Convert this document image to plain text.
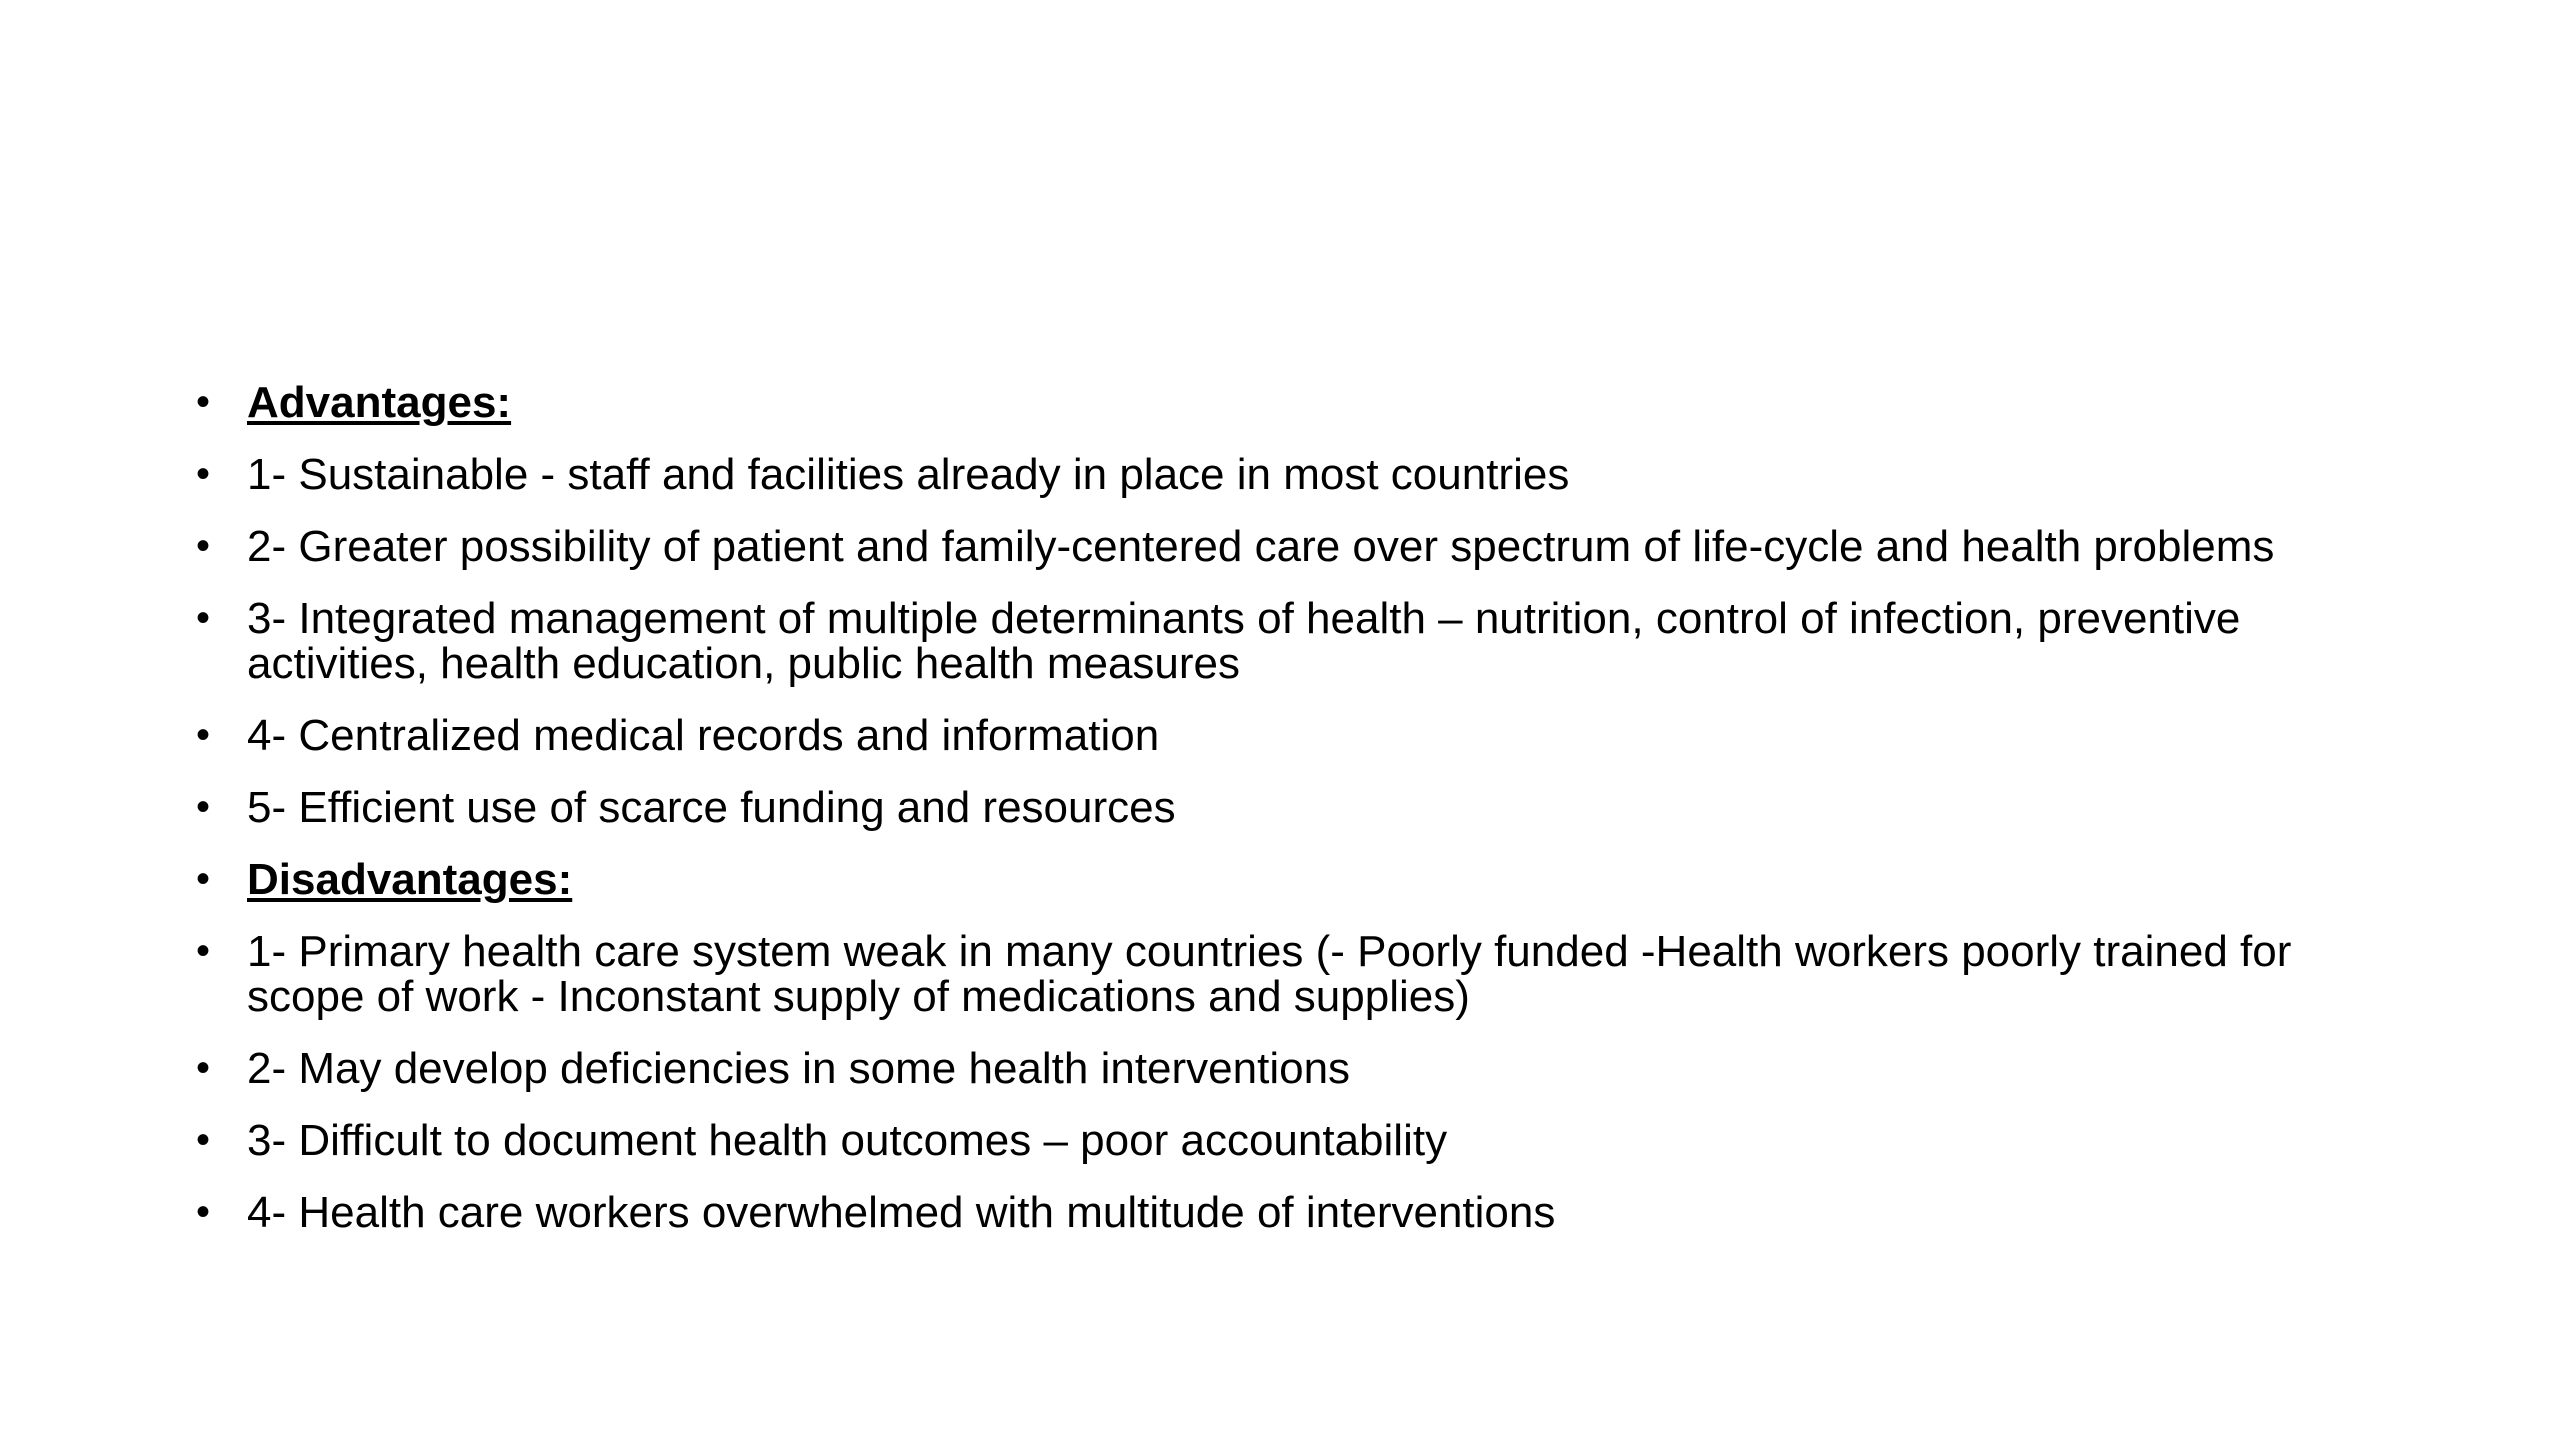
• Advantages:
• 1- Sustainable - staff and facilities already in place in most countries
• 2- Greater possibility of patient and family-centered care over spectrum of life-cycle and health problems
• 3- Integrated management of multiple determinants of health – nutrition, control of infection, preventive activities, health education, public health measures
• 4- Centralized medical records and information
• 5- Efficient use of scarce funding and resources
• Disadvantages:
• 1- Primary health care system weak in many countries (- Poorly funded -Health workers poorly trained for scope of work - Inconstant supply of medications and supplies)
• 2- May develop deficiencies in some health interventions
• 3- Difficult to document health outcomes – poor accountability
• 4- Health care workers overwhelmed with multitude of interventions
